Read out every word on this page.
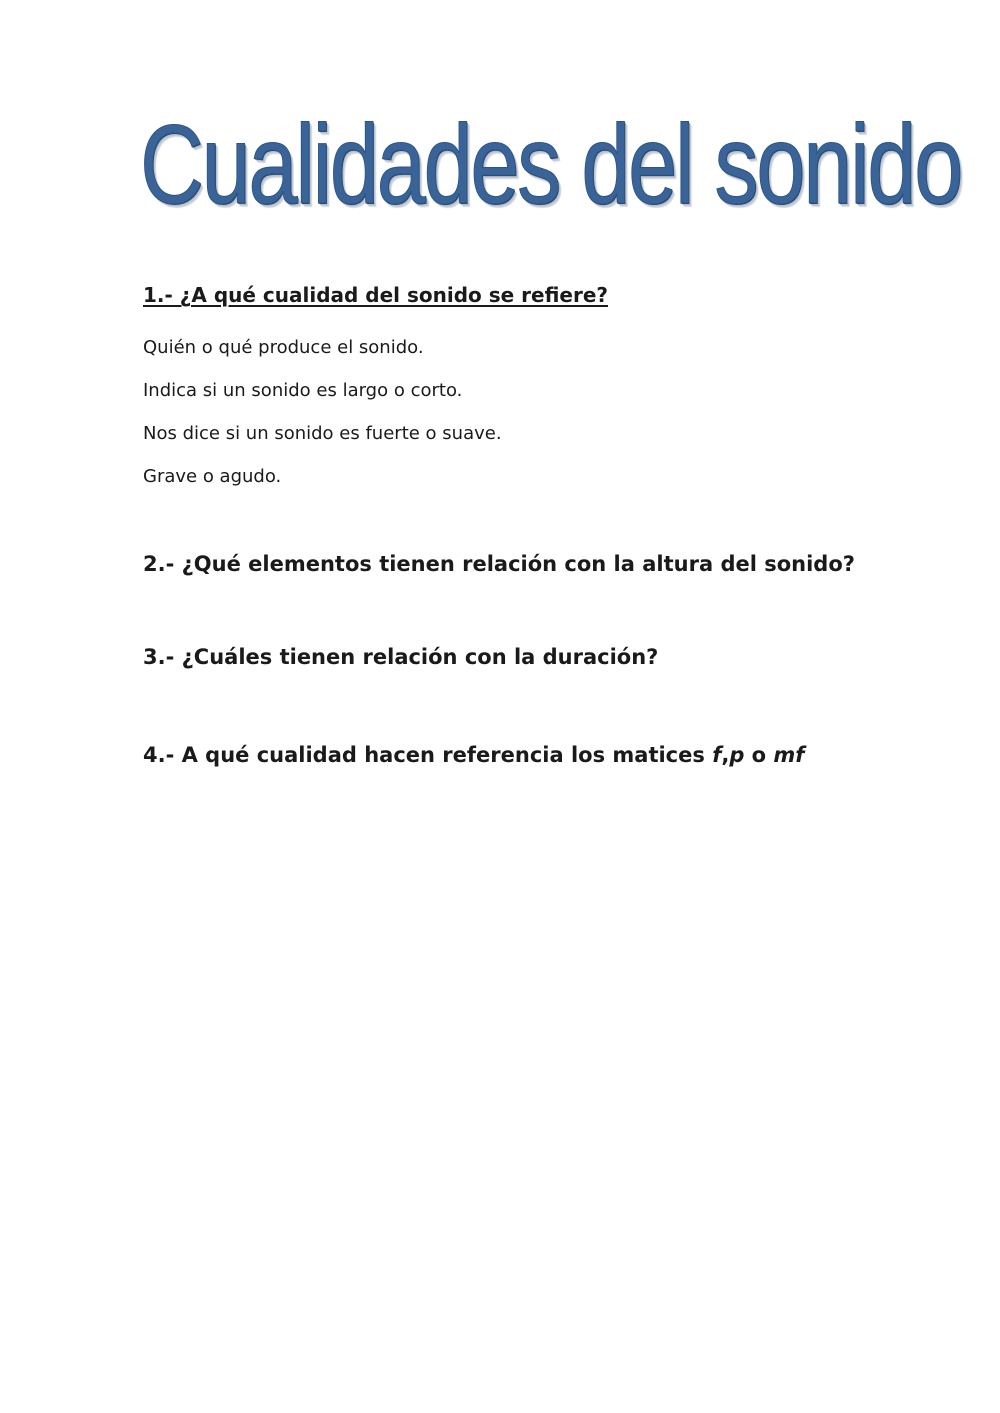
Cualidades del sonido
1.- ¿A qué cualidad del sonido se refiere?
Quién o qué produce el sonido.
Indica si un sonido es largo o corto.
Nos dice si un sonido es fuerte o suave.
Grave o agudo.
2.- ¿Qué elementos tienen relación con la altura del sonido?
3.- ¿Cuáles tienen relación con la duración?
4.- A qué cualidad hacen referencia los matices f,p o mf
